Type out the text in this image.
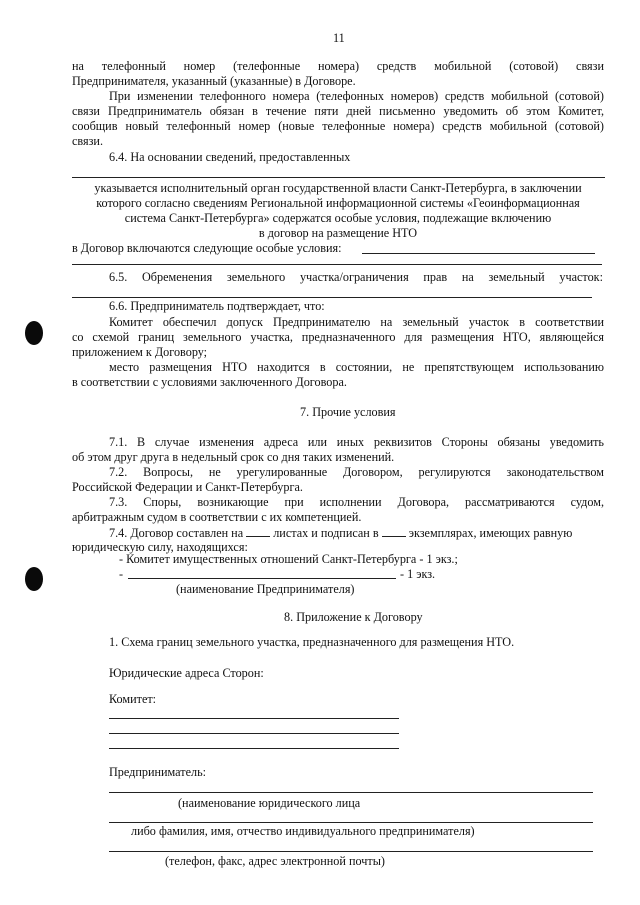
11
на телефонный номер (телефонные номера) средств мобильной (сотовой) связи
Предпринимателя, указанный (указанные) в Договоре.
При изменении телефонного номера (телефонных номеров) средств мобильной (сотовой)
связи Предприниматель обязан в течение пяти дней письменно уведомить об этом Комитет,
сообщив новый телефонный номер (новые телефонные номера) средств мобильной (сотовой)
связи.
6.4. На основании сведений, предоставленных
указывается исполнительный орган государственной власти Санкт-Петербурга, в заключении
которого согласно сведениям Региональной информационной системы «Геоинформационная
система Санкт-Петербурга» содержатся особые условия, подлежащие включению
в договор на размещение НТО
в Договор включаются следующие особые условия:
6.5. Обременения земельного участка/ограничения прав на земельный участок:
6.6. Предприниматель подтверждает, что:
Комитет обеспечил допуск Предпринимателю на земельный участок в соответствии
со схемой границ земельного участка, предназначенного для размещения НТО, являющейся
приложением к Договору;
место размещения НТО находится в состоянии, не препятствующем использованию
в соответствии с условиями заключенного Договора.
7. Прочие условия
7.1. В случае изменения адреса или иных реквизитов Стороны обязаны уведомить
об этом друг друга в недельный срок со дня таких изменений.
7.2. Вопросы, не урегулированные Договором, регулируются законодательством
Российской Федерации и Санкт-Петербурга.
7.3. Споры, возникающие при исполнении Договора, рассматриваются судом,
арбитражным судом в соответствии с их компетенцией.
7.4. Договор составлен на листах и подписан в экземплярах, имеющих равную
юридическую силу, находящихся:
- Комитет имущественных отношений Санкт-Петербурга - 1 экз.;
-	- 1 экз.
(наименование Предпринимателя)
8. Приложение к Договору
1. Схема границ земельного участка, предназначенного для размещения НТО.
Юридические адреса Сторон:
Комитет:
Предприниматель:
(наименование юридического лица
либо фамилия, имя, отчество индивидуального предпринимателя)
(телефон, факс, адрес электронной почты)
